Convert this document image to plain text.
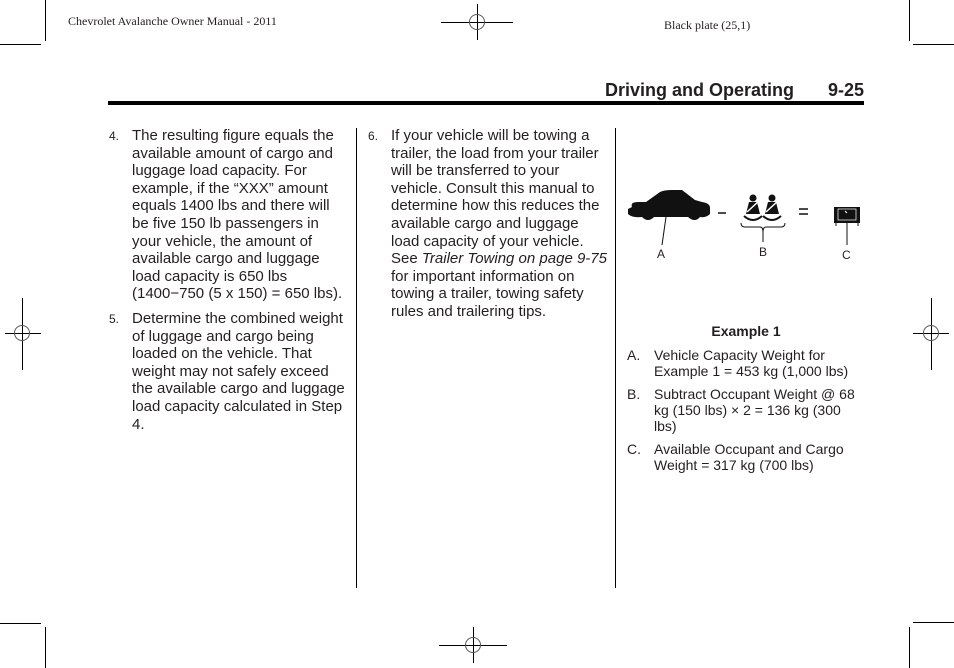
Chevrolet Avalanche Owner Manual - 2011	Black plate (25,1)
Driving and Operating 9-25
4. The resulting figure equals the available amount of cargo and luggage load capacity. For example, if the “XXX” amount equals 1400 lbs and there will be five 150 lb passengers in your vehicle, the amount of available cargo and luggage load capacity is 650 lbs (1400−750 (5 x 150) = 650 lbs).
5. Determine the combined weight of luggage and cargo being loaded on the vehicle. That weight may not safely exceed the available cargo and luggage load capacity calculated in Step 4.
6. If your vehicle will be towing a trailer, the load from your trailer will be transferred to your vehicle. Consult this manual to determine how this reduces the available cargo and luggage load capacity of your vehicle. See Trailer Towing on page 9-75 for important information on towing a trailer, towing safety rules and trailering tips.
A	B	C
Example 1
A. Vehicle Capacity Weight for Example 1 = 453 kg (1,000 lbs)
B. Subtract Occupant Weight @ 68 kg (150 lbs) × 2 = 136 kg (300 lbs)
C. Available Occupant and Cargo Weight = 317 kg (700 lbs)
